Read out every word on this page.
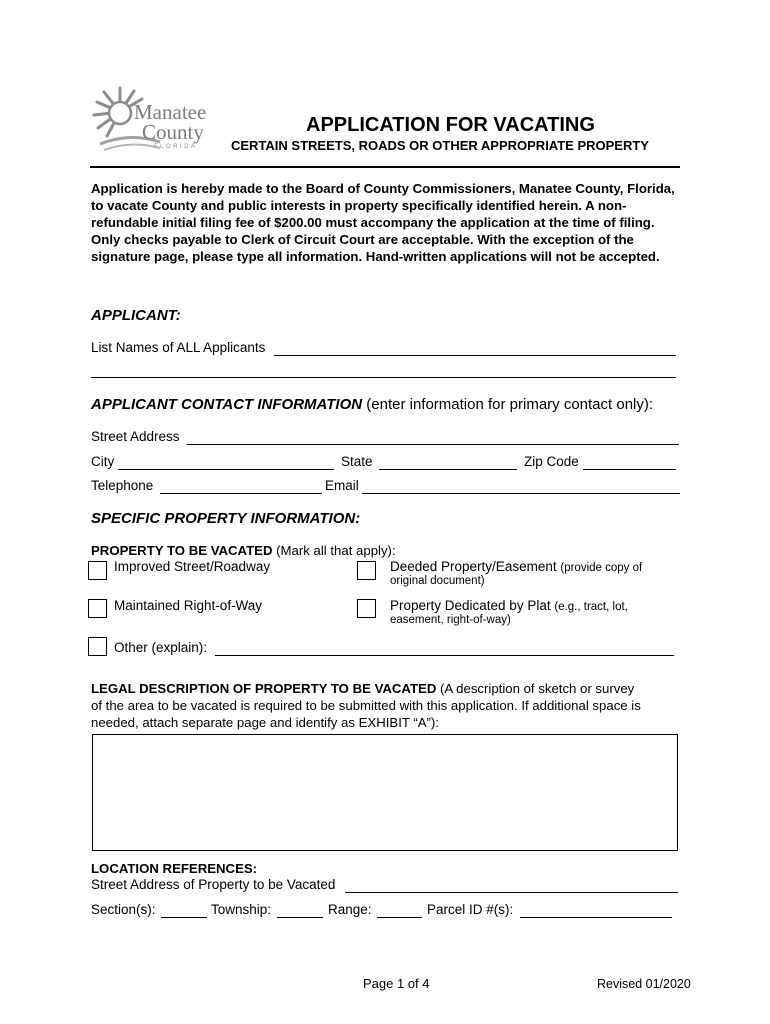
Manatee
County
FLORIDA
APPLICATION FOR VACATING
CERTAIN STREETS, ROADS OR OTHER APPROPRIATE PROPERTY
Application is hereby made to the Board of County Commissioners, Manatee County, Florida, to vacate County and public interests in property specifically identified herein. A non-refundable initial filing fee of $200.00 must accompany the application at the time of filing. Only checks payable to Clerk of Circuit Court are acceptable. With the exception of the signature page, please type all information. Hand-written applications will not be accepted.
APPLICANT:
List Names of ALL Applicants
APPLICANT CONTACT INFORMATION (enter information for primary contact only):
Street Address
City	State	Zip Code
Telephone	Email
SPECIFIC PROPERTY INFORMATION:
PROPERTY TO BE VACATED (Mark all that apply):
Improved Street/Roadway	Deeded Property/Easement (provide copy of
original document)
Maintained Right-of-Way	Property Dedicated by Plat (e.g., tract, lot,
easement, right-of-way)
Other (explain):
LEGAL DESCRIPTION OF PROPERTY TO BE VACATED (A description of sketch or survey
of the area to be vacated is required to be submitted with this application. If additional space is
needed, attach separate page and identify as EXHIBIT “A”):
LOCATION REFERENCES:
Street Address of Property to be Vacated
Section(s):	Township:	Range:	Parcel ID #(s):
Page 1 of 4	Revised 01/2020
